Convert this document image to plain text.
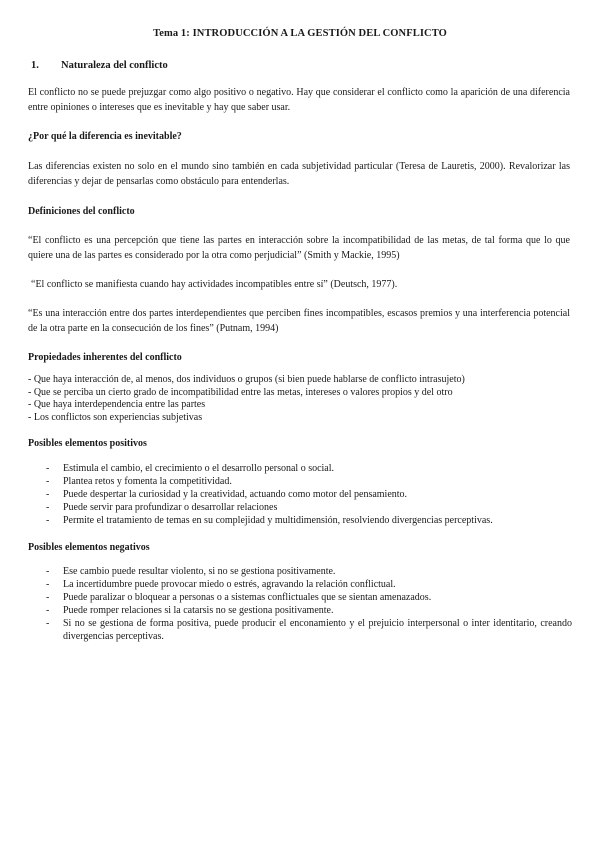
Tema 1: INTRODUCCIÓN A LA GESTIÓN DEL CONFLICTO
1. Naturaleza del conflicto
El conflicto no se puede prejuzgar como algo positivo o negativo. Hay que considerar el conflicto como la aparición de una diferencia entre opiniones o intereses que es inevitable y hay que saber usar.
¿Por qué la diferencia es inevitable?
Las diferencias existen no solo en el mundo sino también en cada subjetividad particular (Teresa de Lauretis, 2000). Revalorizar las diferencias y dejar de pensarlas como obstáculo para entenderlas.
Definiciones del conflicto
“El conflicto es una percepción que tiene las partes en interacción sobre la incompatibilidad de las metas, de tal forma que lo que quiere una de las partes es considerado por la otra como perjudicial” (Smith y Mackie, 1995)
“El conflicto se manifiesta cuando hay actividades incompatibles entre sí” (Deutsch, 1977).
“Es una interacción entre dos partes interdependientes que perciben fines incompatibles, escasos premios y una interferencia potencial de la otra parte en la consecución de los fines” (Putnam, 1994)
Propiedades inherentes del conflicto
- Que haya interacción de, al menos, dos individuos o grupos (si bien puede hablarse de conflicto intrasujeto)
- Que se perciba un cierto grado de incompatibilidad entre las metas, intereses o valores propios y del otro
- Que haya interdependencia entre las partes
- Los conflictos son experiencias subjetivas
Posibles elementos positivos
- Estimula el cambio, el crecimiento o el desarrollo personal o social.
- Plantea retos y fomenta la competitividad.
- Puede despertar la curiosidad y la creatividad, actuando como motor del pensamiento.
- Puede servir para profundizar o desarrollar relaciones
- Permite el tratamiento de temas en su complejidad y multidimensión, resolviendo divergencias perceptivas.
Posibles elementos negativos
- Ese cambio puede resultar violento, si no se gestiona positivamente.
- La incertidumbre puede provocar miedo o estrés, agravando la relación conflictual.
- Puede paralizar o bloquear a personas o a sistemas conflictuales que se sientan amenazados.
- Puede romper relaciones si la catarsis no se gestiona positivamente.
- Si no se gestiona de forma positiva, puede producir el enconamiento y el prejuicio interpersonal o inter identitario, creando divergencias perceptivas.
